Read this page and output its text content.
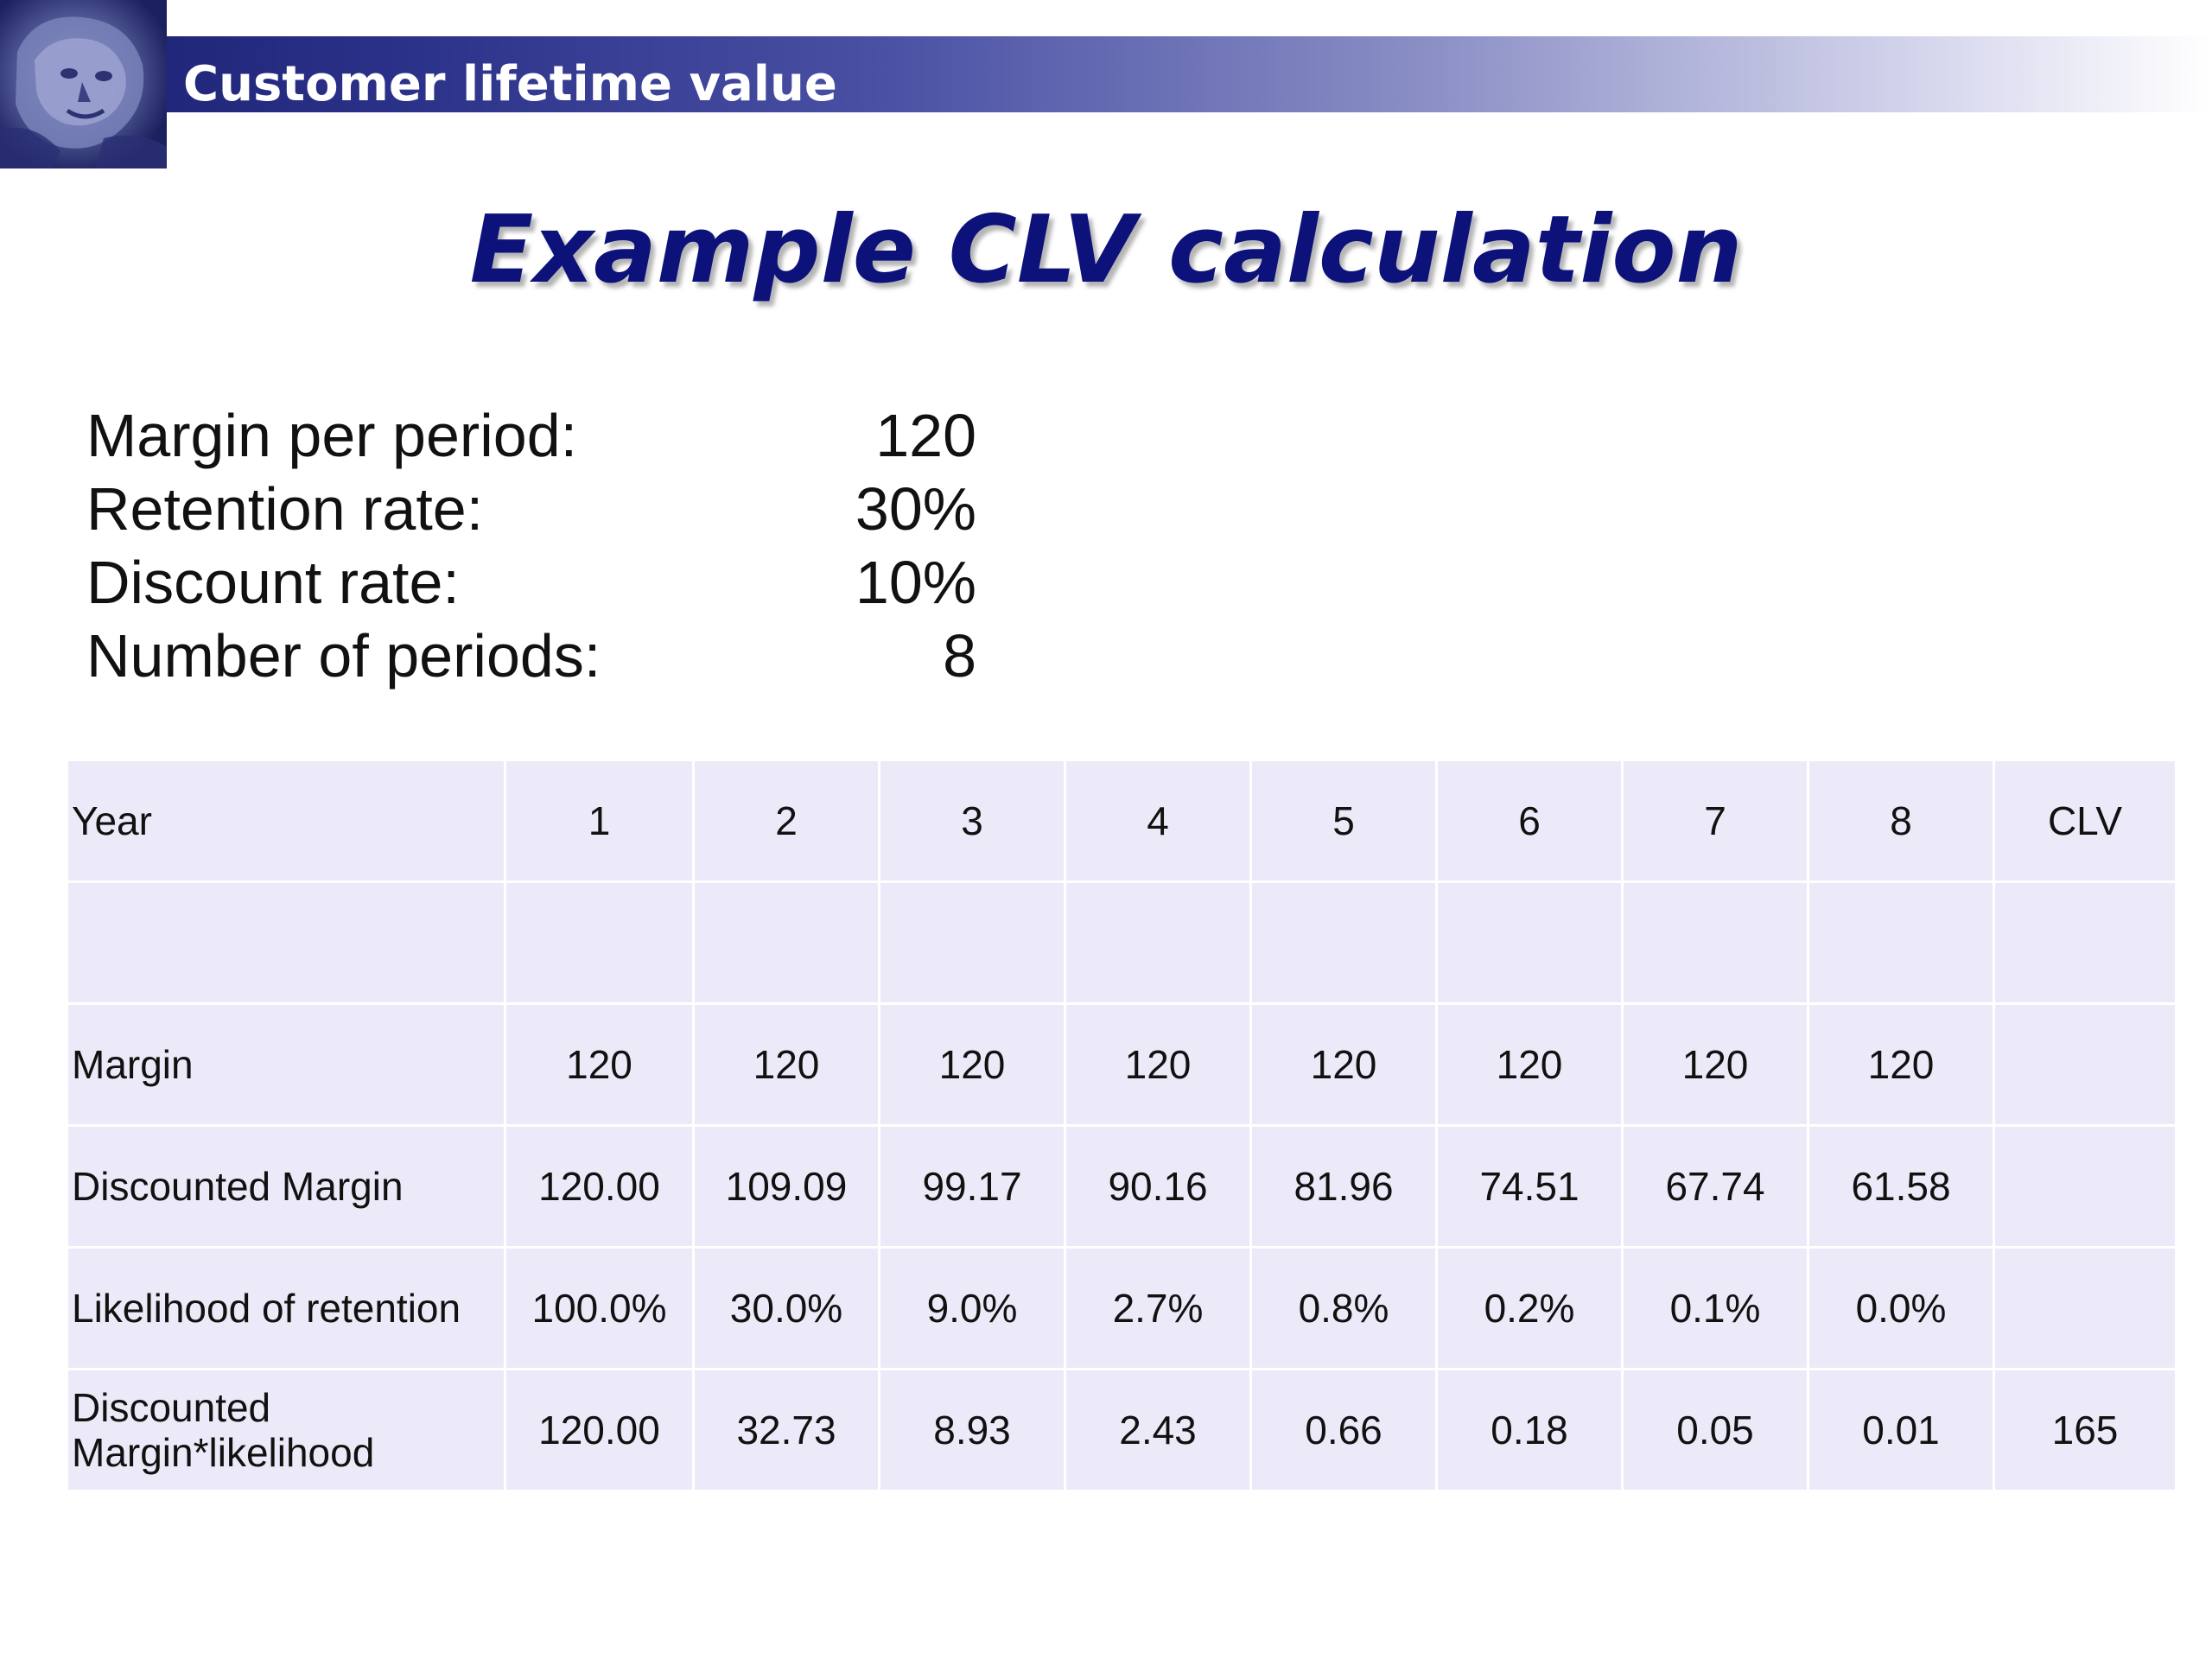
Customer lifetime value
Example CLV calculation
Margin per period:	120
Retention rate:	30%
Discount rate:	10%
Number of periods:	8
Year	1	2	3	4	5	6	7	8	CLV

Margin	120	120	120	120	120	120	120	120	
Discounted Margin	120.00	109.09	99.17	90.16	81.96	74.51	67.74	61.58	
Likelihood of retention	100.0%	30.0%	9.0%	2.7%	0.8%	0.2%	0.1%	0.0%	
Discounted Margin*likelihood	120.00	32.73	8.93	2.43	0.66	0.18	0.05	0.01	165
